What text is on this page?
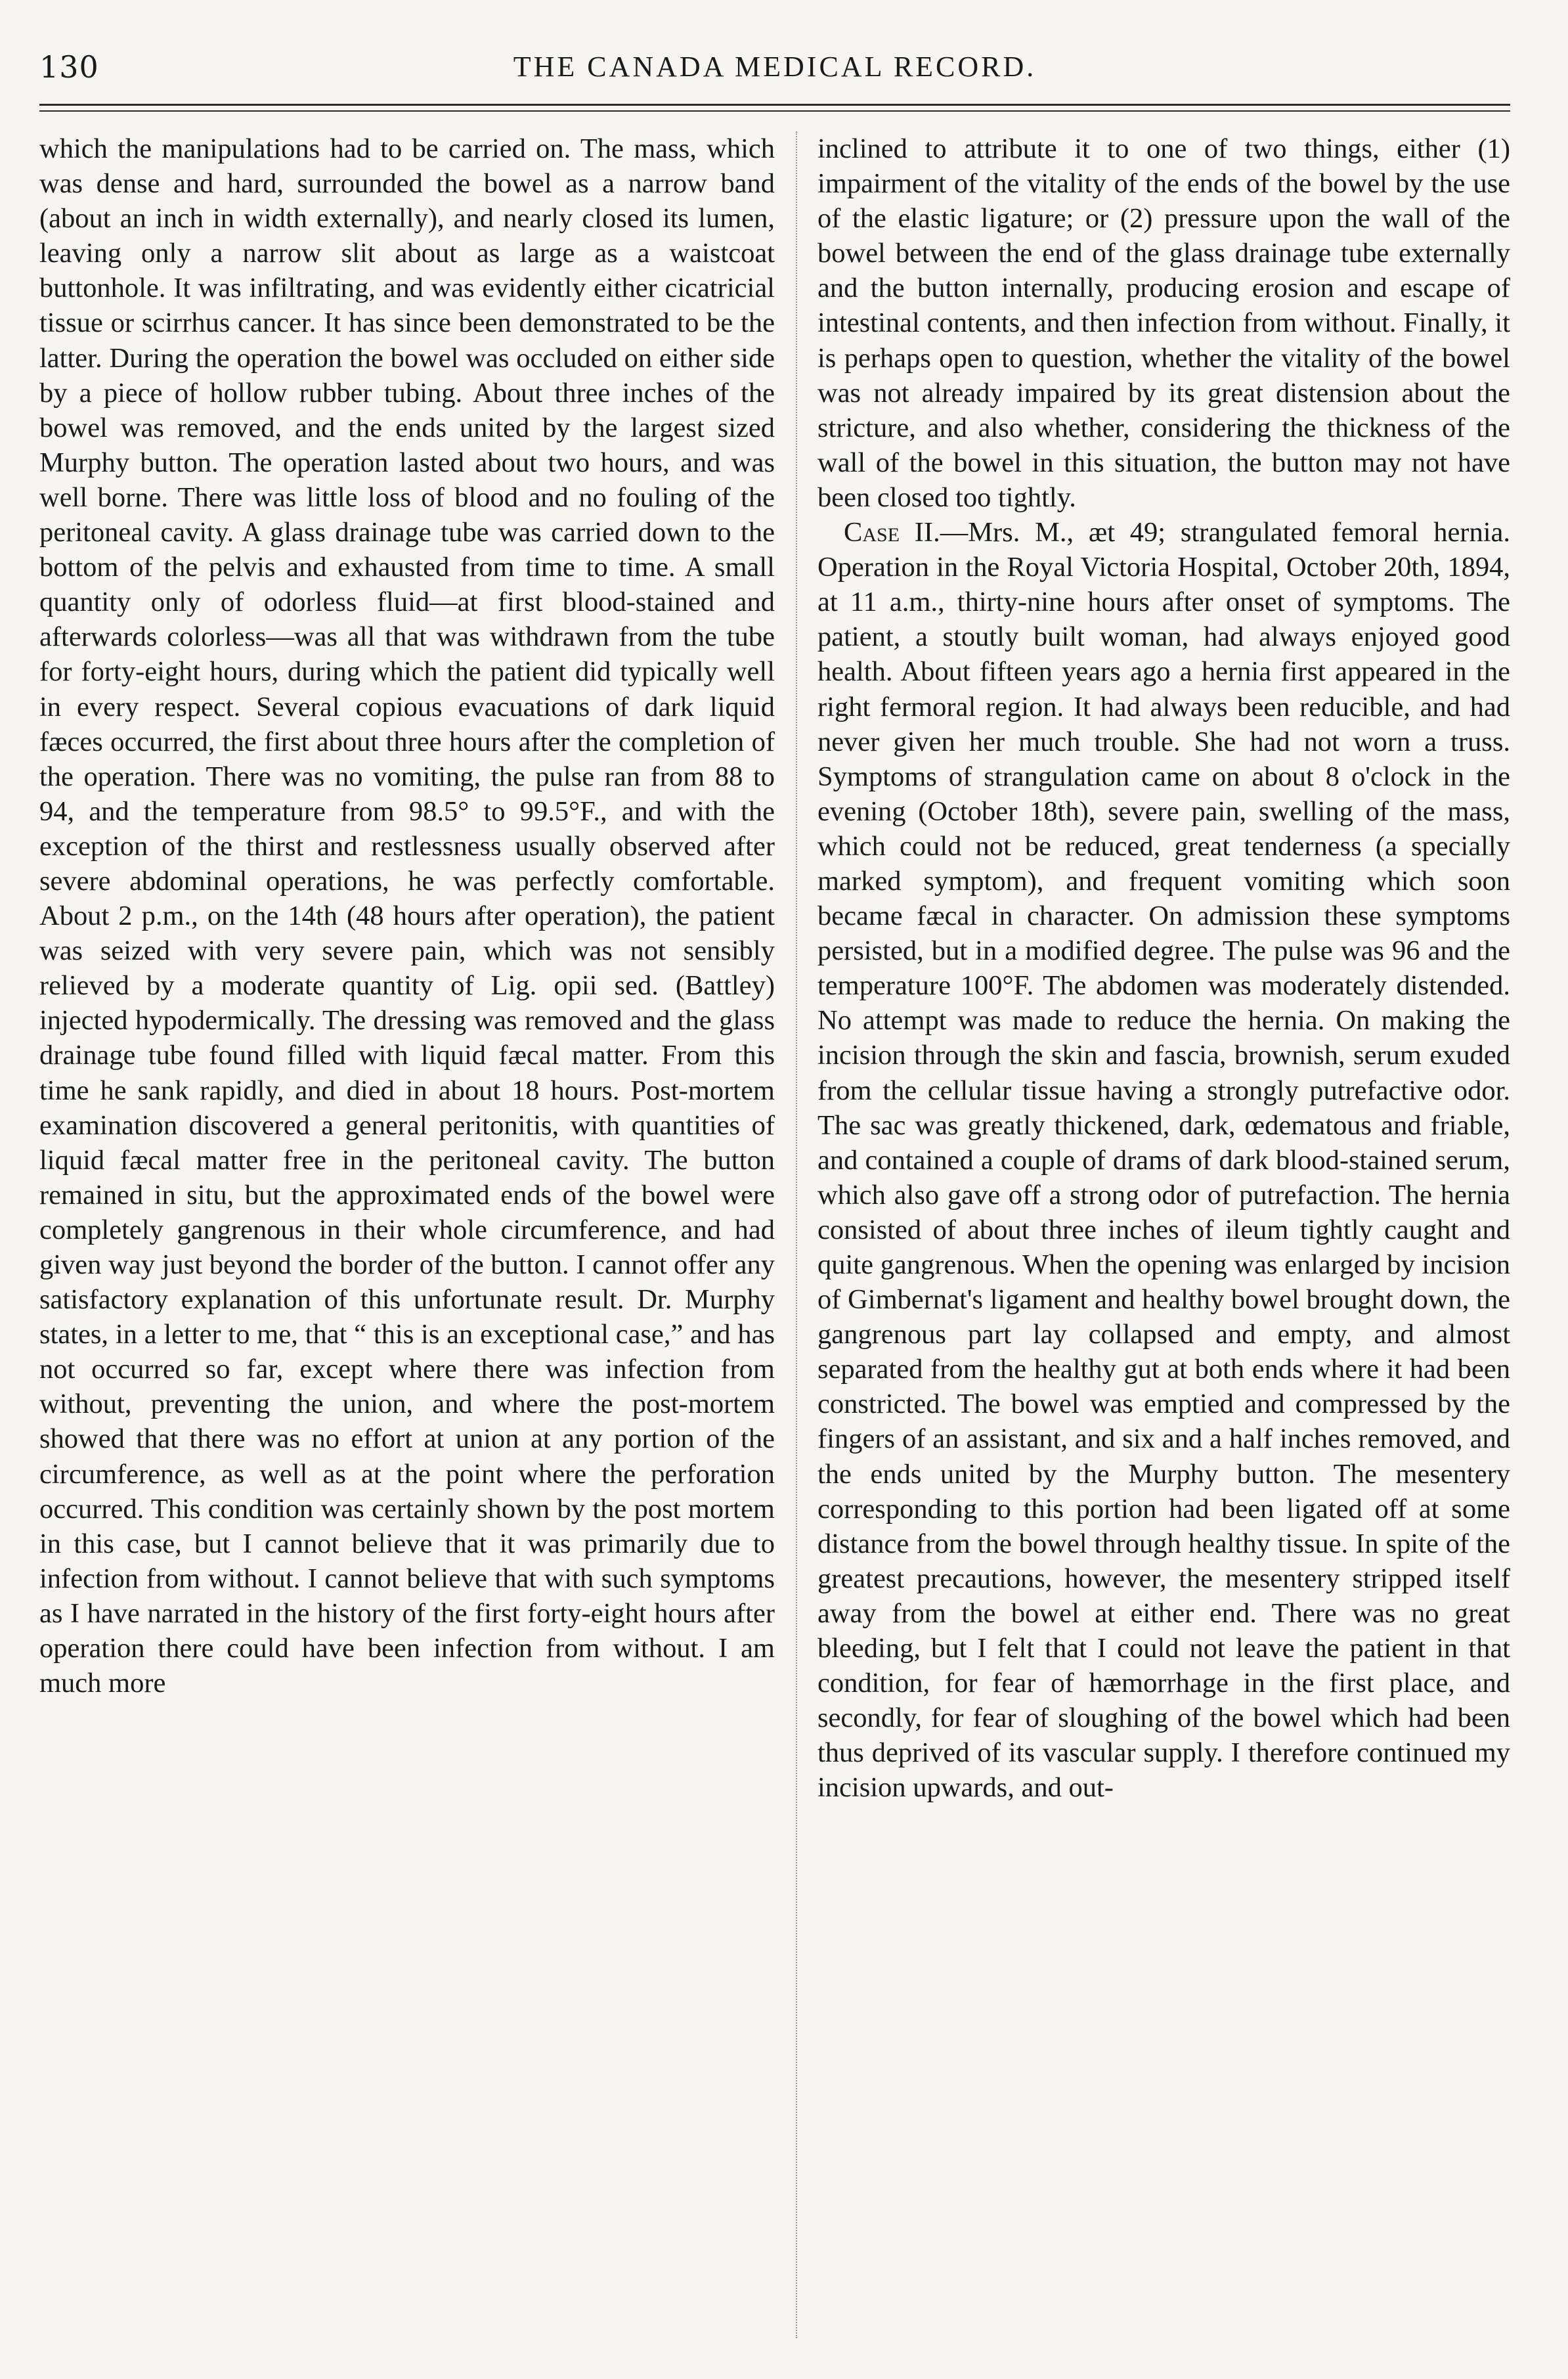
130	THE CANADA MEDICAL RECORD.

which the manipulations had to be carried on. The mass, which was dense and hard, surrounded the bowel as a narrow band (about an inch in width externally), and nearly closed its lumen, leaving only a narrow slit about as large as a waistcoat buttonhole. It was infiltrating, and was evidently either cicatricial tissue or scirrhus cancer. It has since been demonstrated to be the latter. During the operation the bowel was occluded on either side by a piece of hollow rubber tubing. About three inches of the bowel was removed, and the ends united by the largest sized Murphy button. The operation lasted about two hours, and was well borne. There was little loss of blood and no fouling of the peritoneal cavity. A glass drainage tube was carried down to the bottom of the pelvis and exhausted from time to time. A small quantity only of odorless fluid—at first blood-stained and afterwards colorless—was all that was withdrawn from the tube for forty-eight hours, during which the patient did typically well in every respect. Several copious evacuations of dark liquid fæces occurred, the first about three hours after the completion of the operation. There was no vomiting, the pulse ran from 88 to 94, and the temperature from 98.5° to 99.5°F., and with the exception of the thirst and restlessness usually observed after severe abdominal operations, he was perfectly comfortable. About 2 p.m., on the 14th (48 hours after operation), the patient was seized with very severe pain, which was not sensibly relieved by a moderate quantity of Lig. opii sed. (Battley) injected hypodermically. The dressing was removed and the glass drainage tube found filled with liquid fæcal matter. From this time he sank rapidly, and died in about 18 hours. Post-mortem examination discovered a general peritonitis, with quantities of liquid fæcal matter free in the peritoneal cavity. The button remained in situ, but the approximated ends of the bowel were completely gangrenous in their whole circumference, and had given way just beyond the border of the button. I cannot offer any satisfactory explanation of this unfortunate result. Dr. Murphy states, in a letter to me, that “ this is an exceptional case,” and has not occurred so far, except where there was infection from without, preventing the union, and where the post-mortem showed that there was no effort at union at any portion of the circumference, as well as at the point where the perforation occurred. This condition was certainly shown by the post mortem in this case, but I cannot believe that it was primarily due to infection from without. I cannot believe that with such symptoms as I have narrated in the history of the first forty-eight hours after operation there could have been infection from without. I am much more

inclined to attribute it to one of two things, either (1) impairment of the vitality of the ends of the bowel by the use of the elastic ligature; or (2) pressure upon the wall of the bowel between the end of the glass drainage tube externally and the button internally, producing erosion and escape of intestinal contents, and then infection from without. Finally, it is perhaps open to question, whether the vitality of the bowel was not already impaired by its great distension about the stricture, and also whether, considering the thickness of the wall of the bowel in this situation, the button may not have been closed too tightly.

Case II.—Mrs. M., æt 49; strangulated femoral hernia. Operation in the Royal Victoria Hospital, October 20th, 1894, at 11 a.m., thirty-nine hours after onset of symptoms. The patient, a stoutly built woman, had always enjoyed good health. About fifteen years ago a hernia first appeared in the right fermoral region. It had always been reducible, and had never given her much trouble. She had not worn a truss. Symptoms of strangulation came on about 8 o'clock in the evening (October 18th), severe pain, swelling of the mass, which could not be reduced, great tenderness (a specially marked symptom), and frequent vomiting which soon became fæcal in character. On admission these symptoms persisted, but in a modified degree. The pulse was 96 and the temperature 100°F. The abdomen was moderately distended. No attempt was made to reduce the hernia. On making the incision through the skin and fascia, brownish, serum exuded from the cellular tissue having a strongly putrefactive odor. The sac was greatly thickened, dark, œdematous and friable, and contained a couple of drams of dark blood-stained serum, which also gave off a strong odor of putrefaction. The hernia consisted of about three inches of ileum tightly caught and quite gangrenous. When the opening was enlarged by incision of Gimbernat's ligament and healthy bowel brought down, the gangrenous part lay collapsed and empty, and almost separated from the healthy gut at both ends where it had been constricted. The bowel was emptied and compressed by the fingers of an assistant, and six and a half inches removed, and the ends united by the Murphy button. The mesentery corresponding to this portion had been ligated off at some distance from the bowel through healthy tissue. In spite of the greatest precautions, however, the mesentery stripped itself away from the bowel at either end. There was no great bleeding, but I felt that I could not leave the patient in that condition, for fear of hæmorrhage in the first place, and secondly, for fear of sloughing of the bowel which had been thus deprived of its vascular supply. I therefore continued my incision upwards, and out-
